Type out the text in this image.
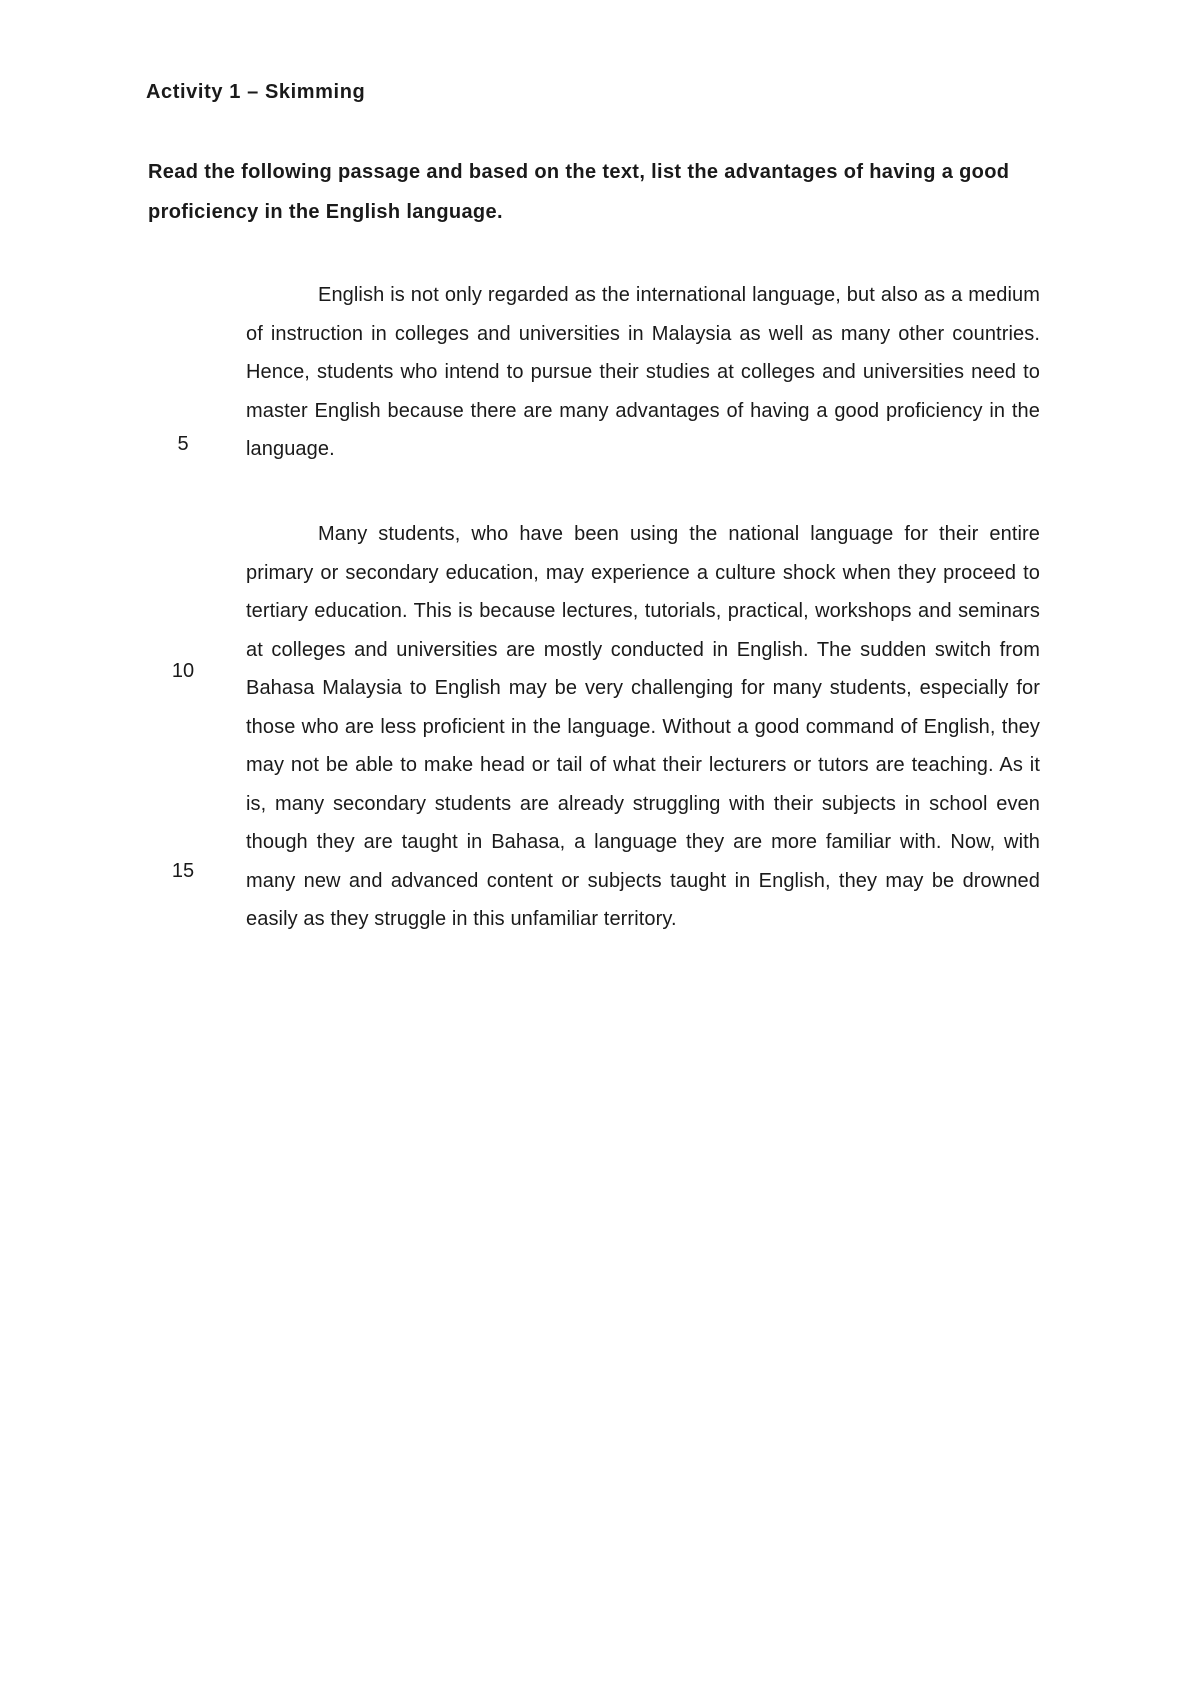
Activity 1 – Skimming

Read the following passage and based on the text, list the advantages of having a good proficiency in the English language.

English is not only regarded as the international language, but also as a medium of instruction in colleges and universities in Malaysia as well as many other countries. Hence, students who intend to pursue their studies at colleges and universities need to master English because there are many advantages of having a good proficiency in the language.

Many students, who have been using the national language for their entire primary or secondary education, may experience a culture shock when they proceed to tertiary education. This is because lectures, tutorials, practical, workshops and seminars at colleges and universities are mostly conducted in English. The sudden switch from Bahasa Malaysia to English may be very challenging for many students, especially for those who are less proficient in the language. Without a good command of English, they may not be able to make head or tail of what their lecturers or tutors are teaching. As it is, many secondary students are already struggling with their subjects in school even though they are taught in Bahasa, a language they are more familiar with. Now, with many new and advanced content or subjects taught in English, they may be drowned easily as they struggle in this unfamiliar territory.

5
10
15
